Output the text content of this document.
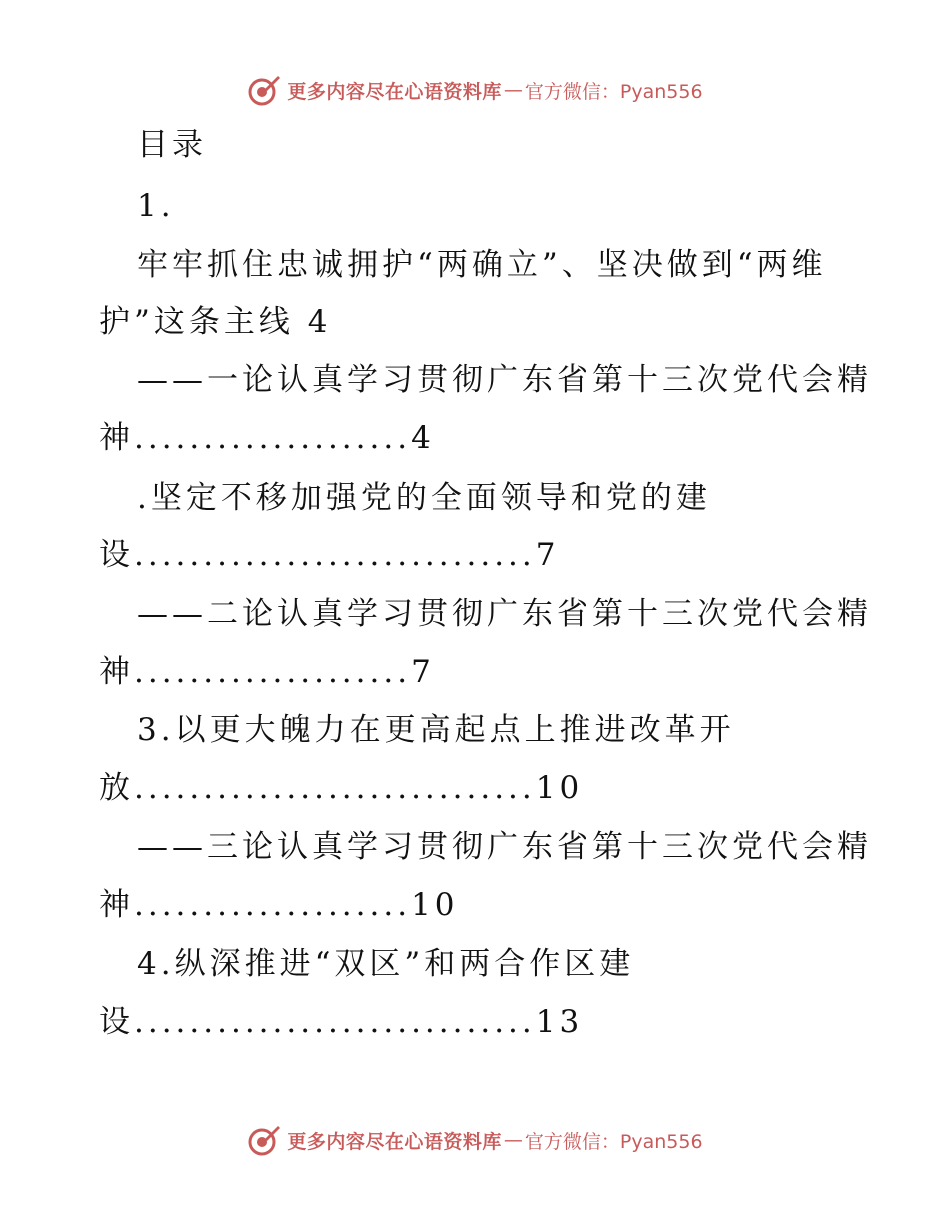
更多内容尽在心语资料库 — 官方微信：Pyan556
目录
1.
牢牢抓住忠诚拥护“两确立”、坚决做到“两维
护”这条主线 4
——一论认真学习贯彻广东省第十三次党代会精
神....................4
.坚定不移加强党的全面领导和党的建
设.............................7
——二论认真学习贯彻广东省第十三次党代会精
神....................7
3.以更大魄力在更高起点上推进改革开
放.............................10
——三论认真学习贯彻广东省第十三次党代会精
神....................10
4.纵深推进“双区”和两合作区建
设.............................13
更多内容尽在心语资料库 — 官方微信：Pyan556
